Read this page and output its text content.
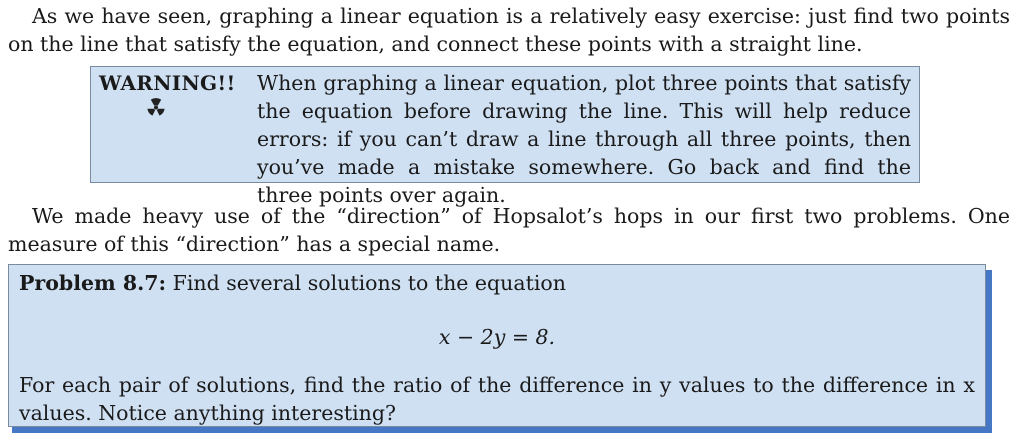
As we have seen, graphing a linear equation is a relatively easy exercise: just find two points on the line that satisfy the equation, and connect these points with a straight line.
WARNING!!	When graphing a linear equation, plot three points that satisfy the equation before drawing the line. This will help reduce errors: if you can’t draw a line through all three points, then you’ve made a mistake somewhere. Go back and find the three points over again.
We made heavy use of the “direction” of Hopsalot’s hops in our first two problems. One measure of this “direction” has a special name.
Problem 8.7: Find several solutions to the equation
x − 2y = 8.
For each pair of solutions, find the ratio of the difference in y values to the difference in x values. Notice anything interesting?
